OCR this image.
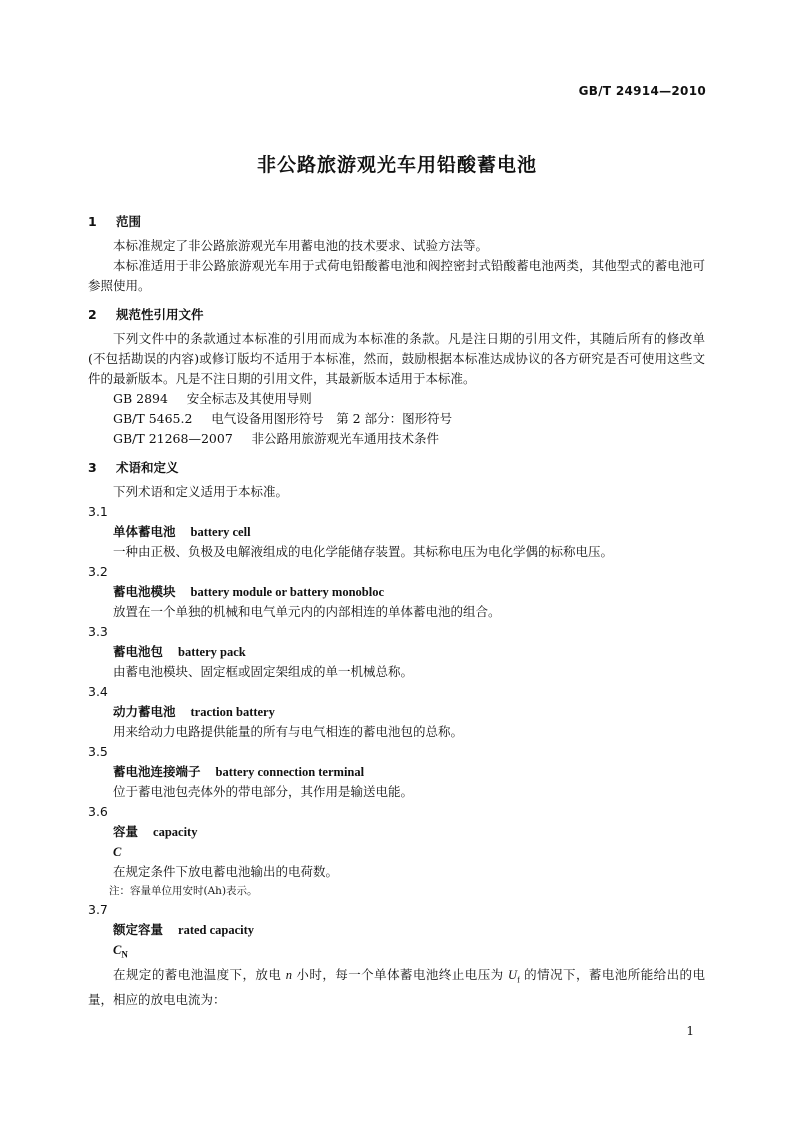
GB/T 24914—2010
非公路旅游观光车用铅酸蓄电池
1 范围

本标准规定了非公路旅游观光车用蓄电池的技术要求、试验方法等。

本标准适用于非公路旅游观光车用于式荷电铅酸蓄电池和阀控密封式铅酸蓄电池两类，其他型式的蓄电池可参照使用。

2 规范性引用文件

下列文件中的条款通过本标准的引用而成为本标准的条款。凡是注日期的引用文件，其随后所有的修改单(不包括勘误的内容)或修订版均不适用于本标准，然而，鼓励根据本标准达成协议的各方研究是否可使用这些文件的最新版本。凡是不注日期的引用文件，其最新版本适用于本标准。

GB 2894 安全标志及其使用导则

GB/T 5465.2 电气设备用图形符号　第 2 部分：图形符号

GB/T 21268—2007 非公路用旅游观光车通用技术条件

3 术语和定义

下列术语和定义适用于本标准。

3.1

单体蓄电池 battery cell

一种由正极、负极及电解液组成的电化学能储存装置。其标称电压为电化学偶的标称电压。

3.2

蓄电池模块 battery module or battery monobloc

放置在一个单独的机械和电气单元内的内部相连的单体蓄电池的组合。

3.3

蓄电池包 battery pack

由蓄电池模块、固定框或固定架组成的单一机械总称。

3.4

动力蓄电池 traction battery

用来给动力电路提供能量的所有与电气相连的蓄电池包的总称。

3.5

蓄电池连接端子 battery connection terminal

位于蓄电池包壳体外的带电部分，其作用是输送电能。

3.6

容量 capacity

C

在规定条件下放电蓄电池输出的电荷数。

注：容量单位用安时(Ah)表示。

3.7

额定容量 rated capacity

$C_N$

在规定的蓄电池温度下，放电 n 小时，每一个单体蓄电池终止电压为 $U_f$ 的情况下，蓄电池所能给出的电量，相应的放电电流为：

1
